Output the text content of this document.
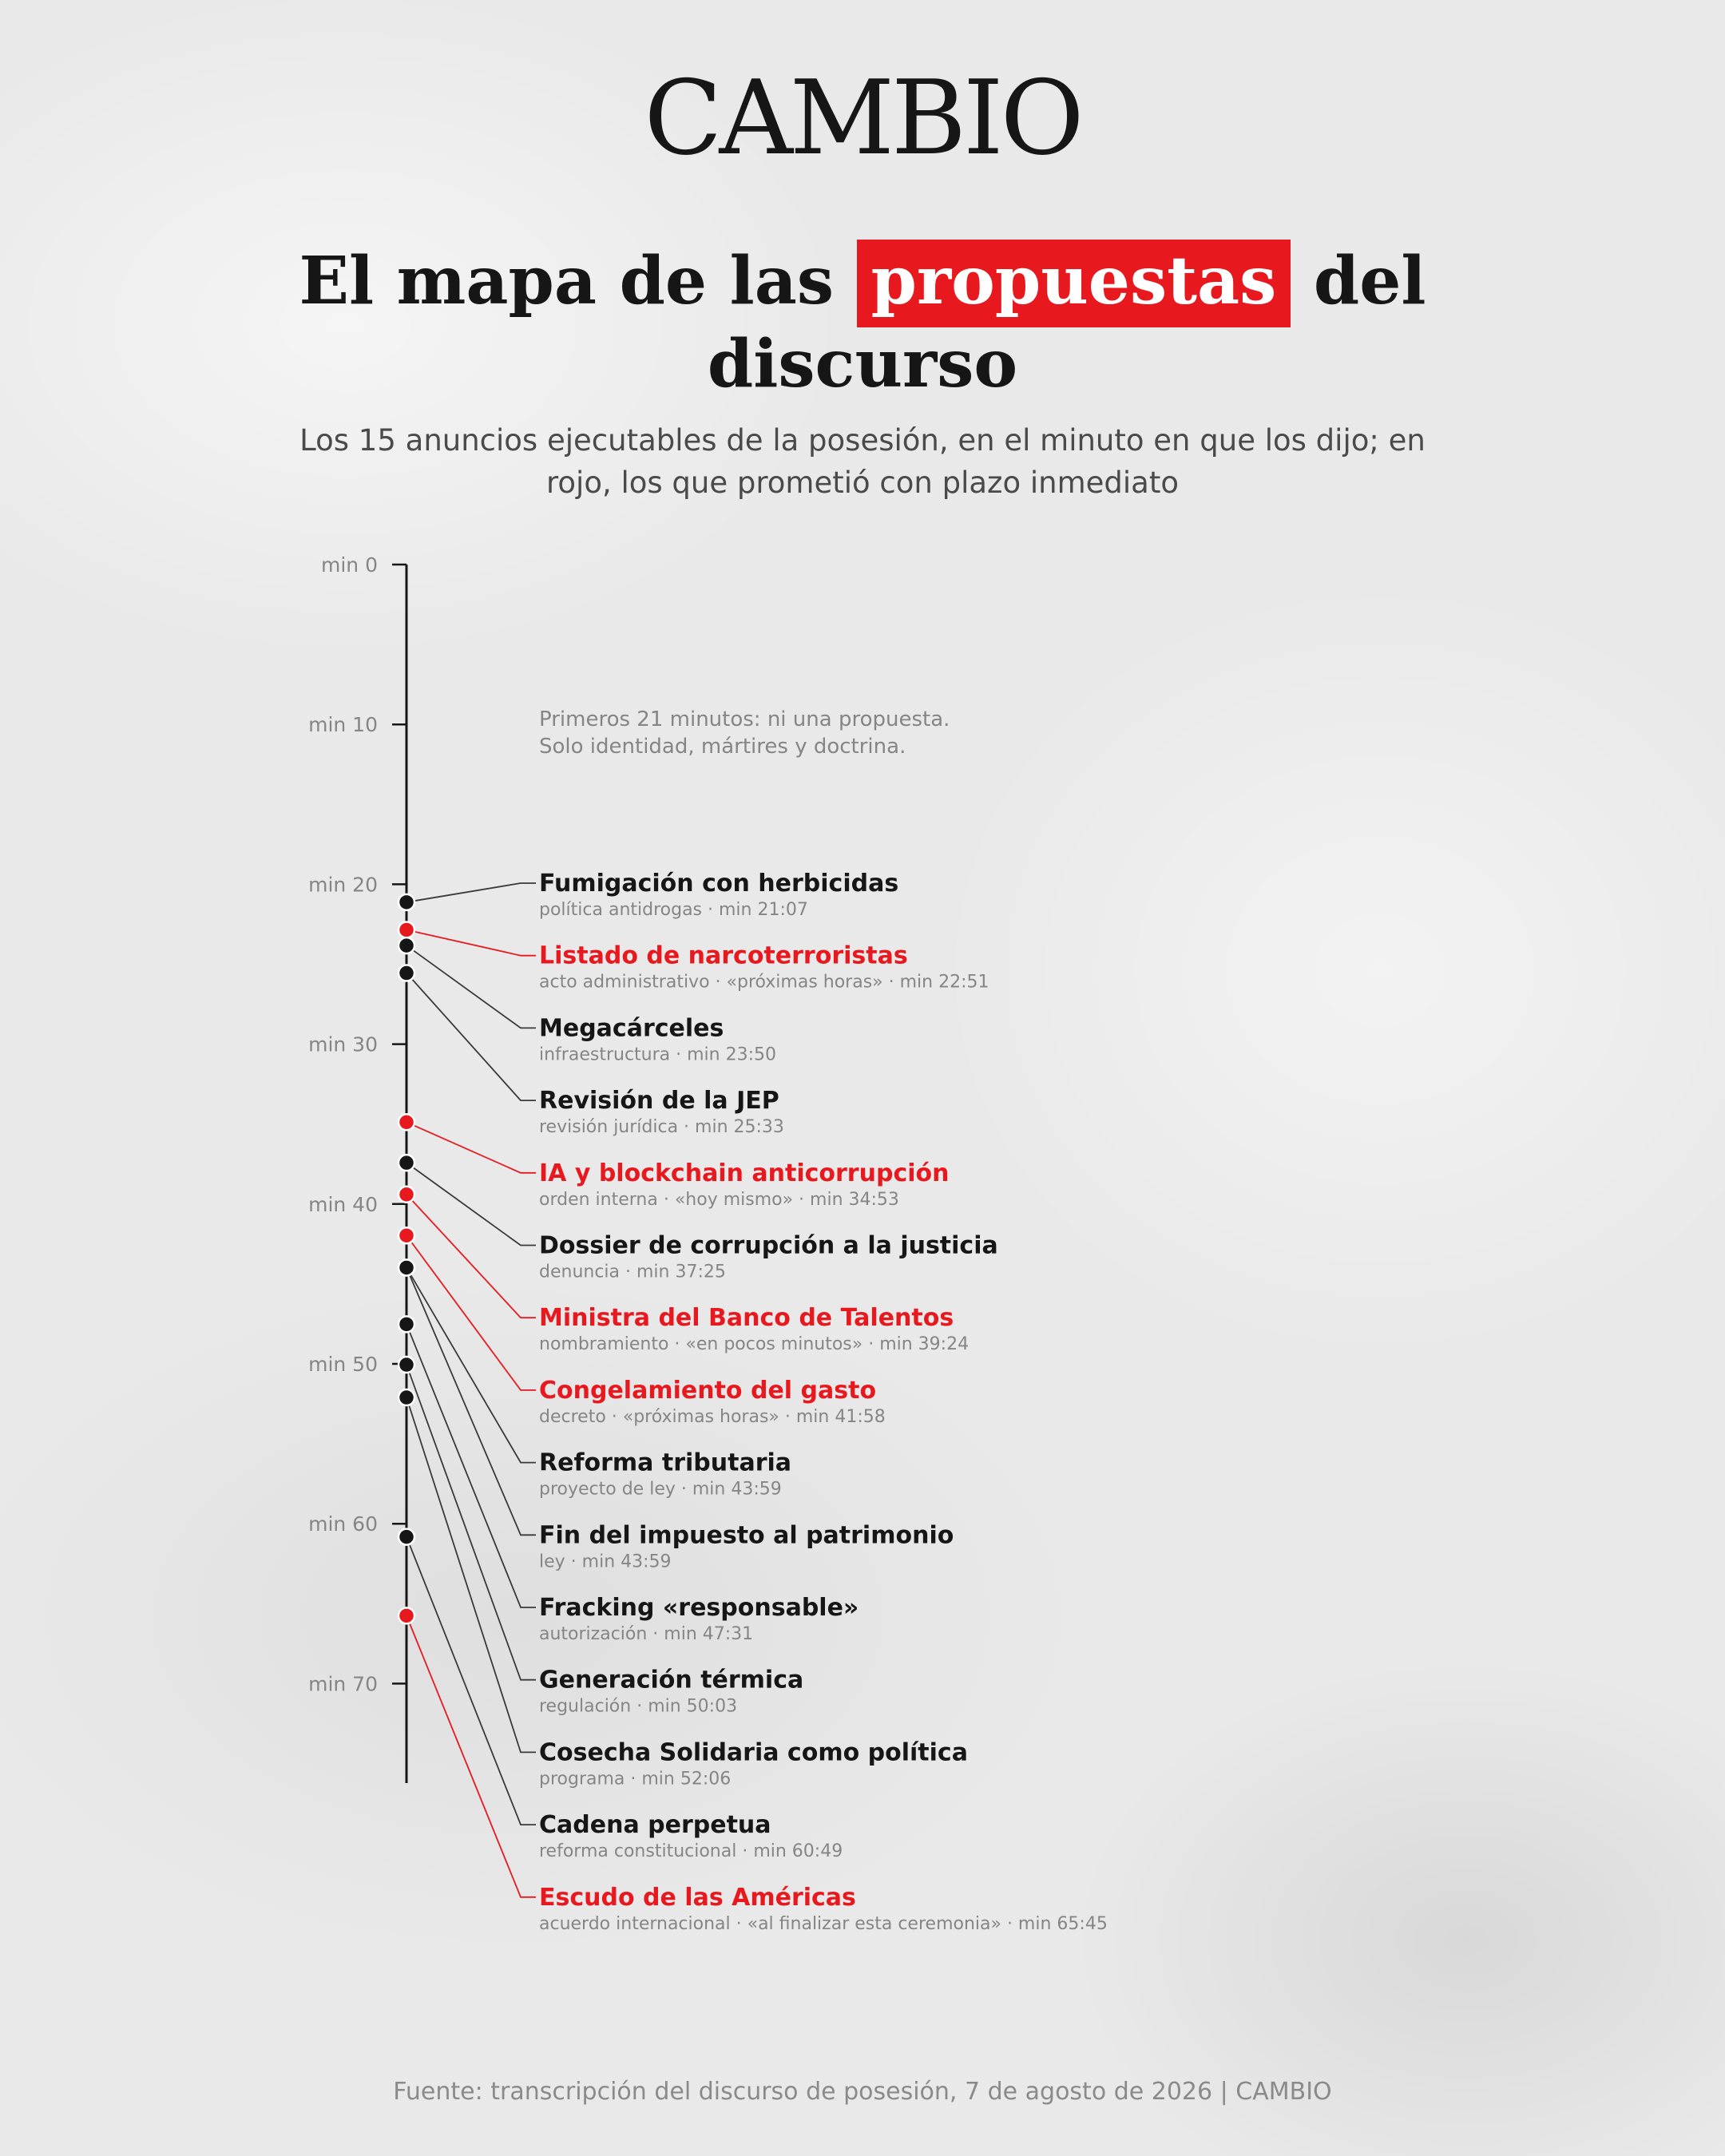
CAMBIO
El mapa de las propuestas del discurso
Los 15 anuncios ejecutables de la posesión, en el minuto en que los dijo; en rojo, los que prometió con plazo inmediato
min 0
min 10
min 20
min 30
min 40
min 50
min 60
min 70
Primeros 21 minutos: ni una propuesta.
Solo identidad, mártires y doctrina.
Fumigación con herbicidas
política antidrogas · min 21:07
Listado de narcoterroristas
acto administrativo · «próximas horas» · min 22:51
Megacárceles
infraestructura · min 23:50
Revisión de la JEP
revisión jurídica · min 25:33
IA y blockchain anticorrupción
orden interna · «hoy mismo» · min 34:53
Dossier de corrupción a la justicia
denuncia · min 37:25
Ministra del Banco de Talentos
nombramiento · «en pocos minutos» · min 39:24
Congelamiento del gasto
decreto · «próximas horas» · min 41:58
Reforma tributaria
proyecto de ley · min 43:59
Fin del impuesto al patrimonio
ley · min 43:59
Fracking «responsable»
autorización · min 47:31
Generación térmica
regulación · min 50:03
Cosecha Solidaria como política
programa · min 52:06
Cadena perpetua
reforma constitucional · min 60:49
Escudo de las Américas
acuerdo internacional · «al finalizar esta ceremonia» · min 65:45
Fuente: transcripción del discurso de posesión, 7 de agosto de 2026 | CAMBIO
